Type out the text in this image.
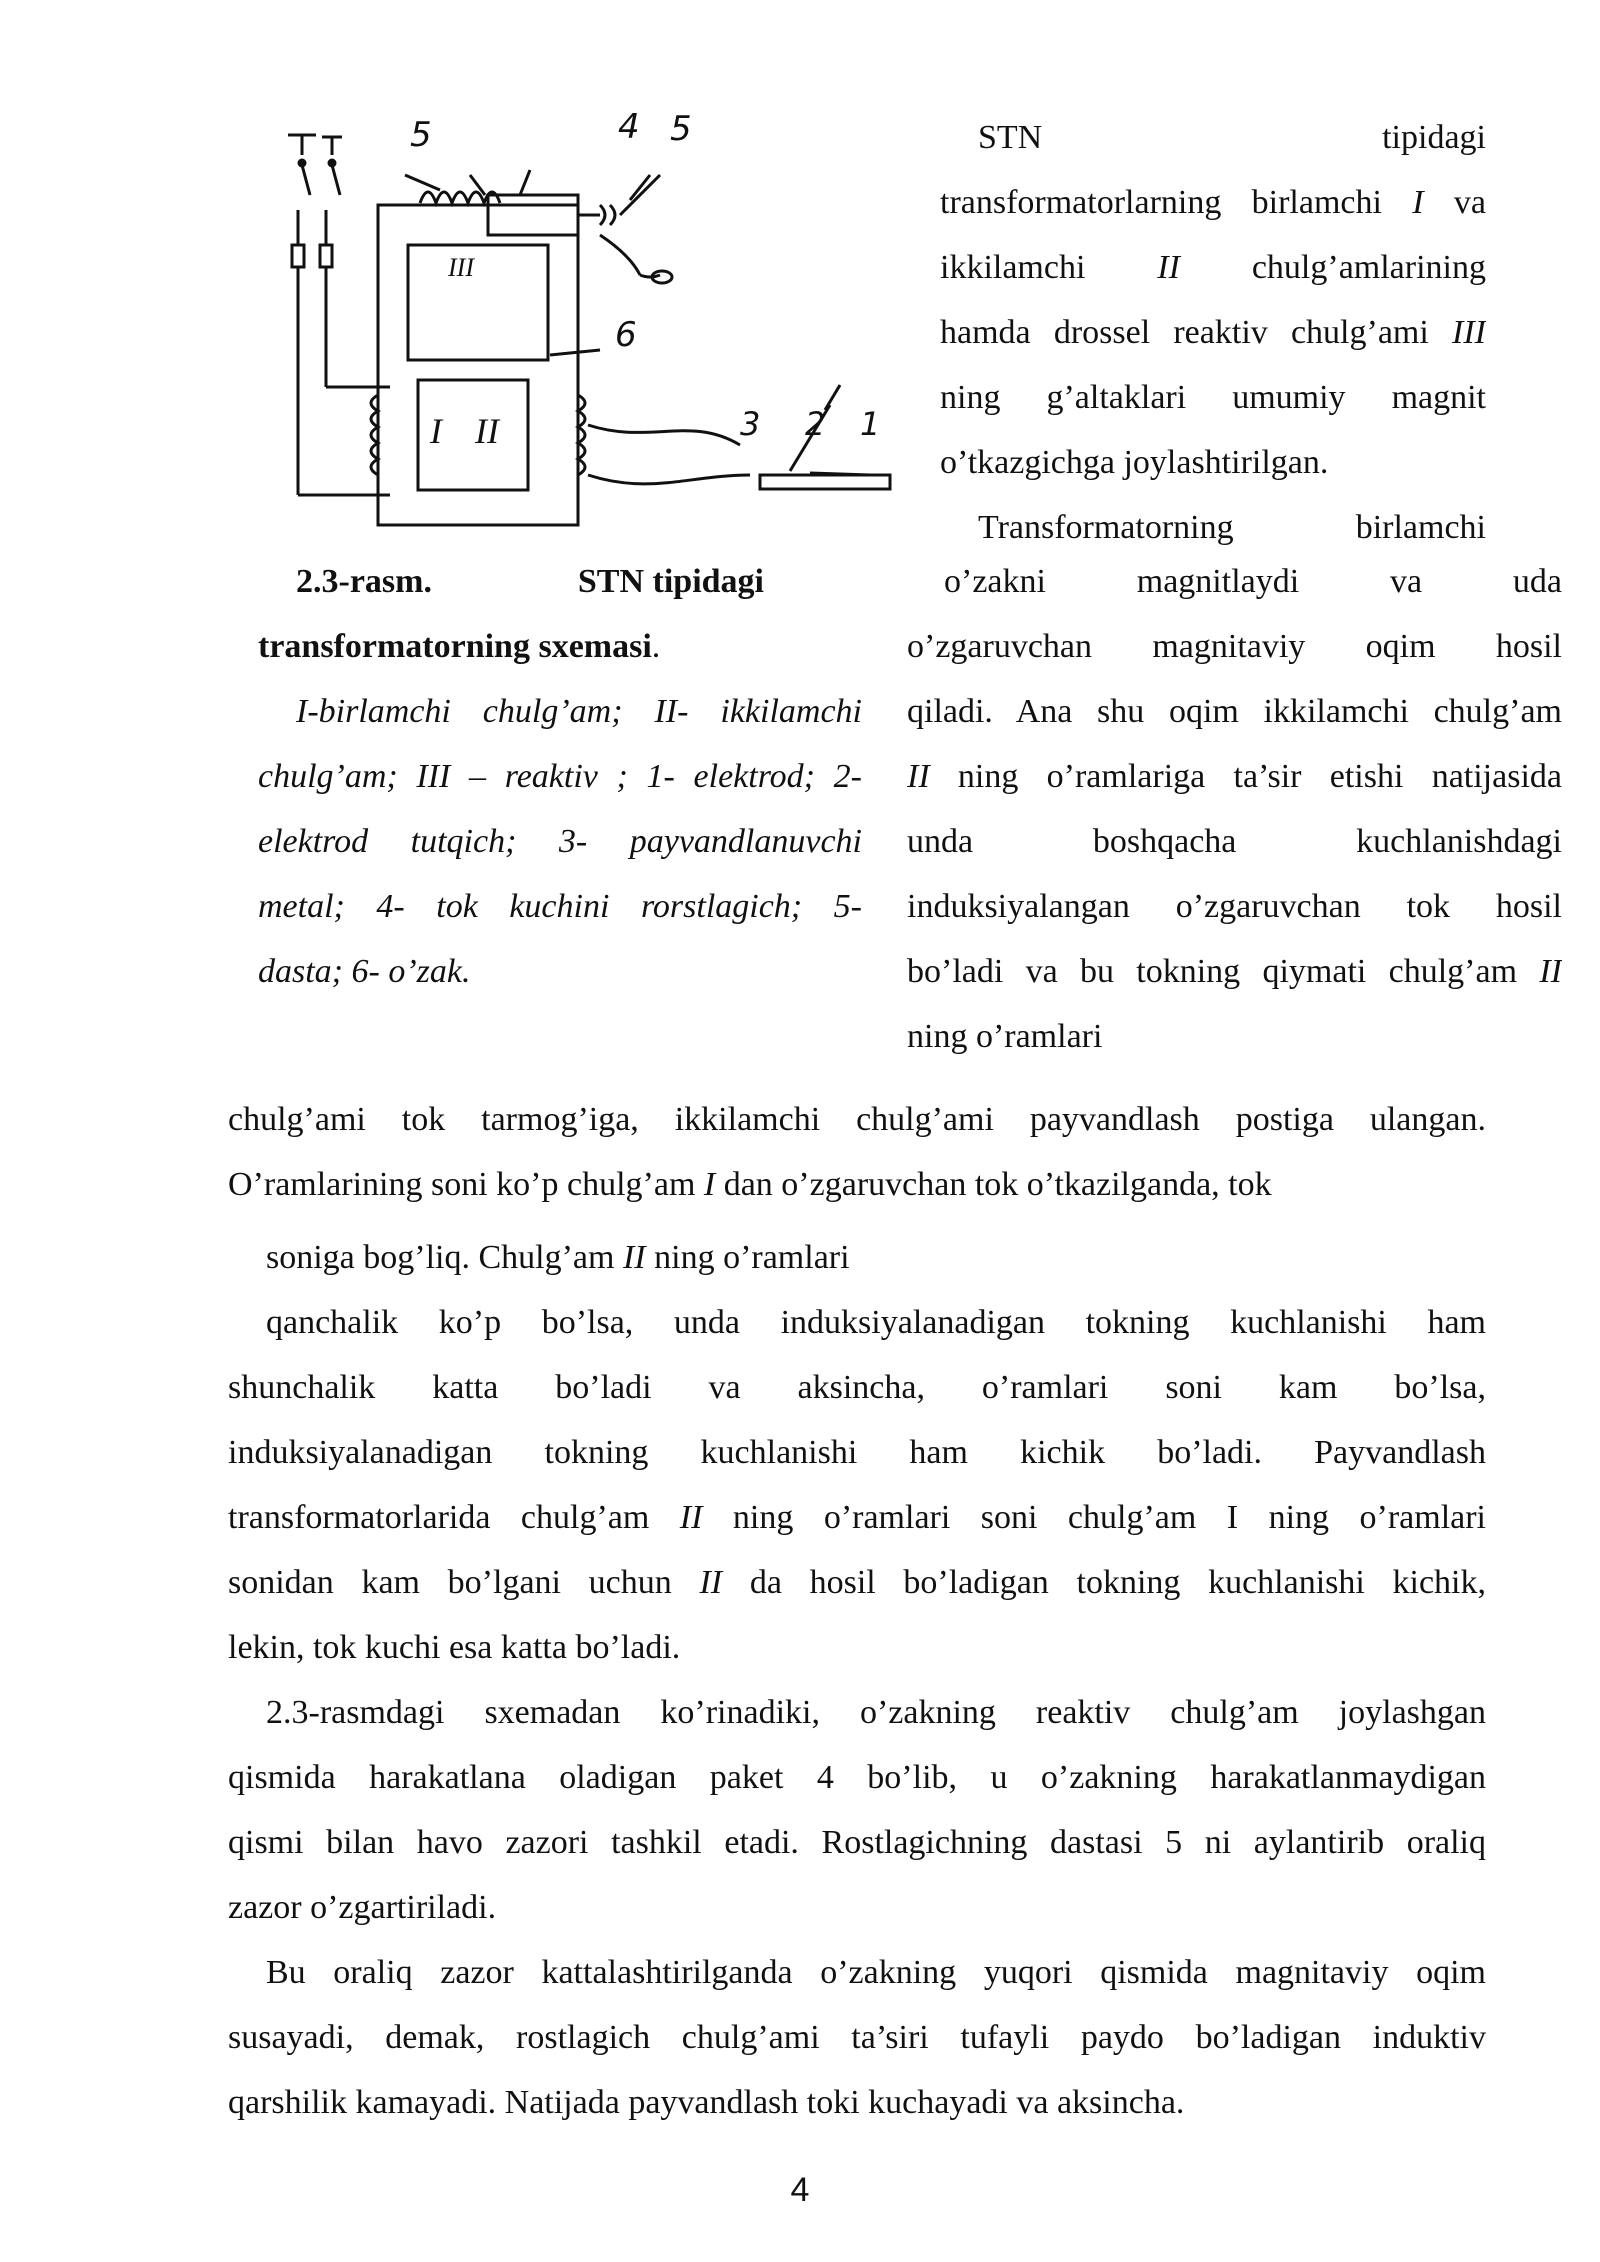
5	4 5
6
III
I II	3 2 1
2.3-rasm.	STN tipidagi
transformatorning sxemasi.
I-birlamchi chulg’am; II- ikkilamchi
chulg’am; III – reaktiv ; 1- elektrod; 2-
elektrod tutqich; 3- payvandlanuvchi
metal; 4- tok kuchini rorstlagich; 5-
dasta; 6- o’zak.
STN	tipidagi
transformatorlarning birlamchi I va
ikkilamchi II chulg’amlarining
hamda drossel reaktiv chulg’ami III
ning g’altaklari umumiy magnit
o’tkazgichga joylashtirilgan.
Transformatorning birlamchi
o’zakni magnitlaydi va uda
o’zgaruvchan magnitaviy oqim hosil
qiladi. Ana shu oqim ikkilamchi chulg’am
II ning o’ramlariga ta’sir etishi natijasida
unda boshqacha kuchlanishdagi
induksiyalangan o’zgaruvchan tok hosil
bo’ladi va bu tokning qiymati chulg’am II
ning o’ramlari
chulg’ami tok tarmog’iga, ikkilamchi chulg’ami payvandlash postiga ulangan.
O’ramlarining soni ko’p chulg’am I dan o’zgaruvchan tok o’tkazilganda, tok
soniga bog’liq. Chulg’am II ning o’ramlari
qanchalik ko’p bo’lsa, unda induksiyalanadigan tokning kuchlanishi ham
shunchalik katta bo’ladi va aksincha, o’ramlari soni kam bo’lsa,
induksiyalanadigan tokning kuchlanishi ham kichik bo’ladi. Payvandlash
transformatorlarida chulg’am II ning o’ramlari soni chulg’am I ning o’ramlari
sonidan kam bo’lgani uchun II da hosil bo’ladigan tokning kuchlanishi kichik,
lekin, tok kuchi esa katta bo’ladi.
2.3-rasmdagi sxemadan ko’rinadiki, o’zakning reaktiv chulg’am joylashgan
qismida harakatlana oladigan paket 4 bo’lib, u o’zakning harakatlanmaydigan
qismi bilan havo zazori tashkil etadi. Rostlagichning dastasi 5 ni aylantirib oraliq
zazor o’zgartiriladi.
Bu oraliq zazor kattalashtirilganda o’zakning yuqori qismida magnitaviy oqim
susayadi, demak, rostlagich chulg’ami ta’siri tufayli paydo bo’ladigan induktiv
qarshilik kamayadi. Natijada payvandlash toki kuchayadi va aksincha.
4
